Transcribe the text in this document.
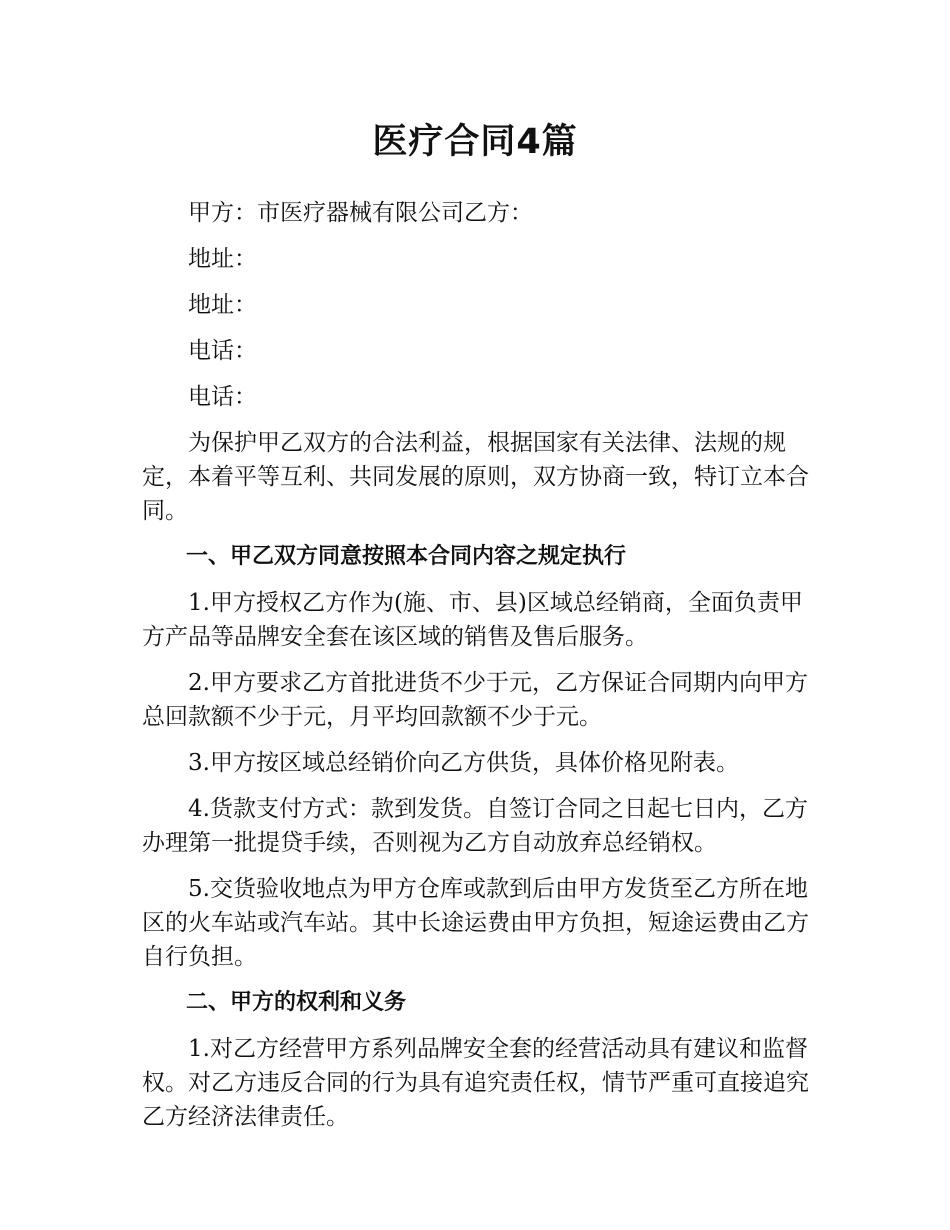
医疗合同4篇

甲方：市医疗器械有限公司乙方：

地址：

地址：

电话：

电话：

为保护甲乙双方的合法利益，根据国家有关法律、法规的规定，本着平等互利、共同发展的原则，双方协商一致，特订立本合同。

一、甲乙双方同意按照本合同内容之规定执行

1.甲方授权乙方作为(施、市、县)区域总经销商，全面负责甲方产品等品牌安全套在该区域的销售及售后服务。

2.甲方要求乙方首批进货不少于元，乙方保证合同期内向甲方总回款额不少于元，月平均回款额不少于元。

3.甲方按区域总经销价向乙方供货，具体价格见附表。

4.货款支付方式：款到发货。自签订合同之日起七日内，乙方办理第一批提贷手续，否则视为乙方自动放弃总经销权。

5.交货验收地点为甲方仓库或款到后由甲方发货至乙方所在地区的火车站或汽车站。其中长途运费由甲方负担，短途运费由乙方自行负担。

二、甲方的权利和义务

1.对乙方经营甲方系列品牌安全套的经营活动具有建议和监督权。对乙方违反合同的行为具有追究责任权，情节严重可直接追究乙方经济法律责任。
